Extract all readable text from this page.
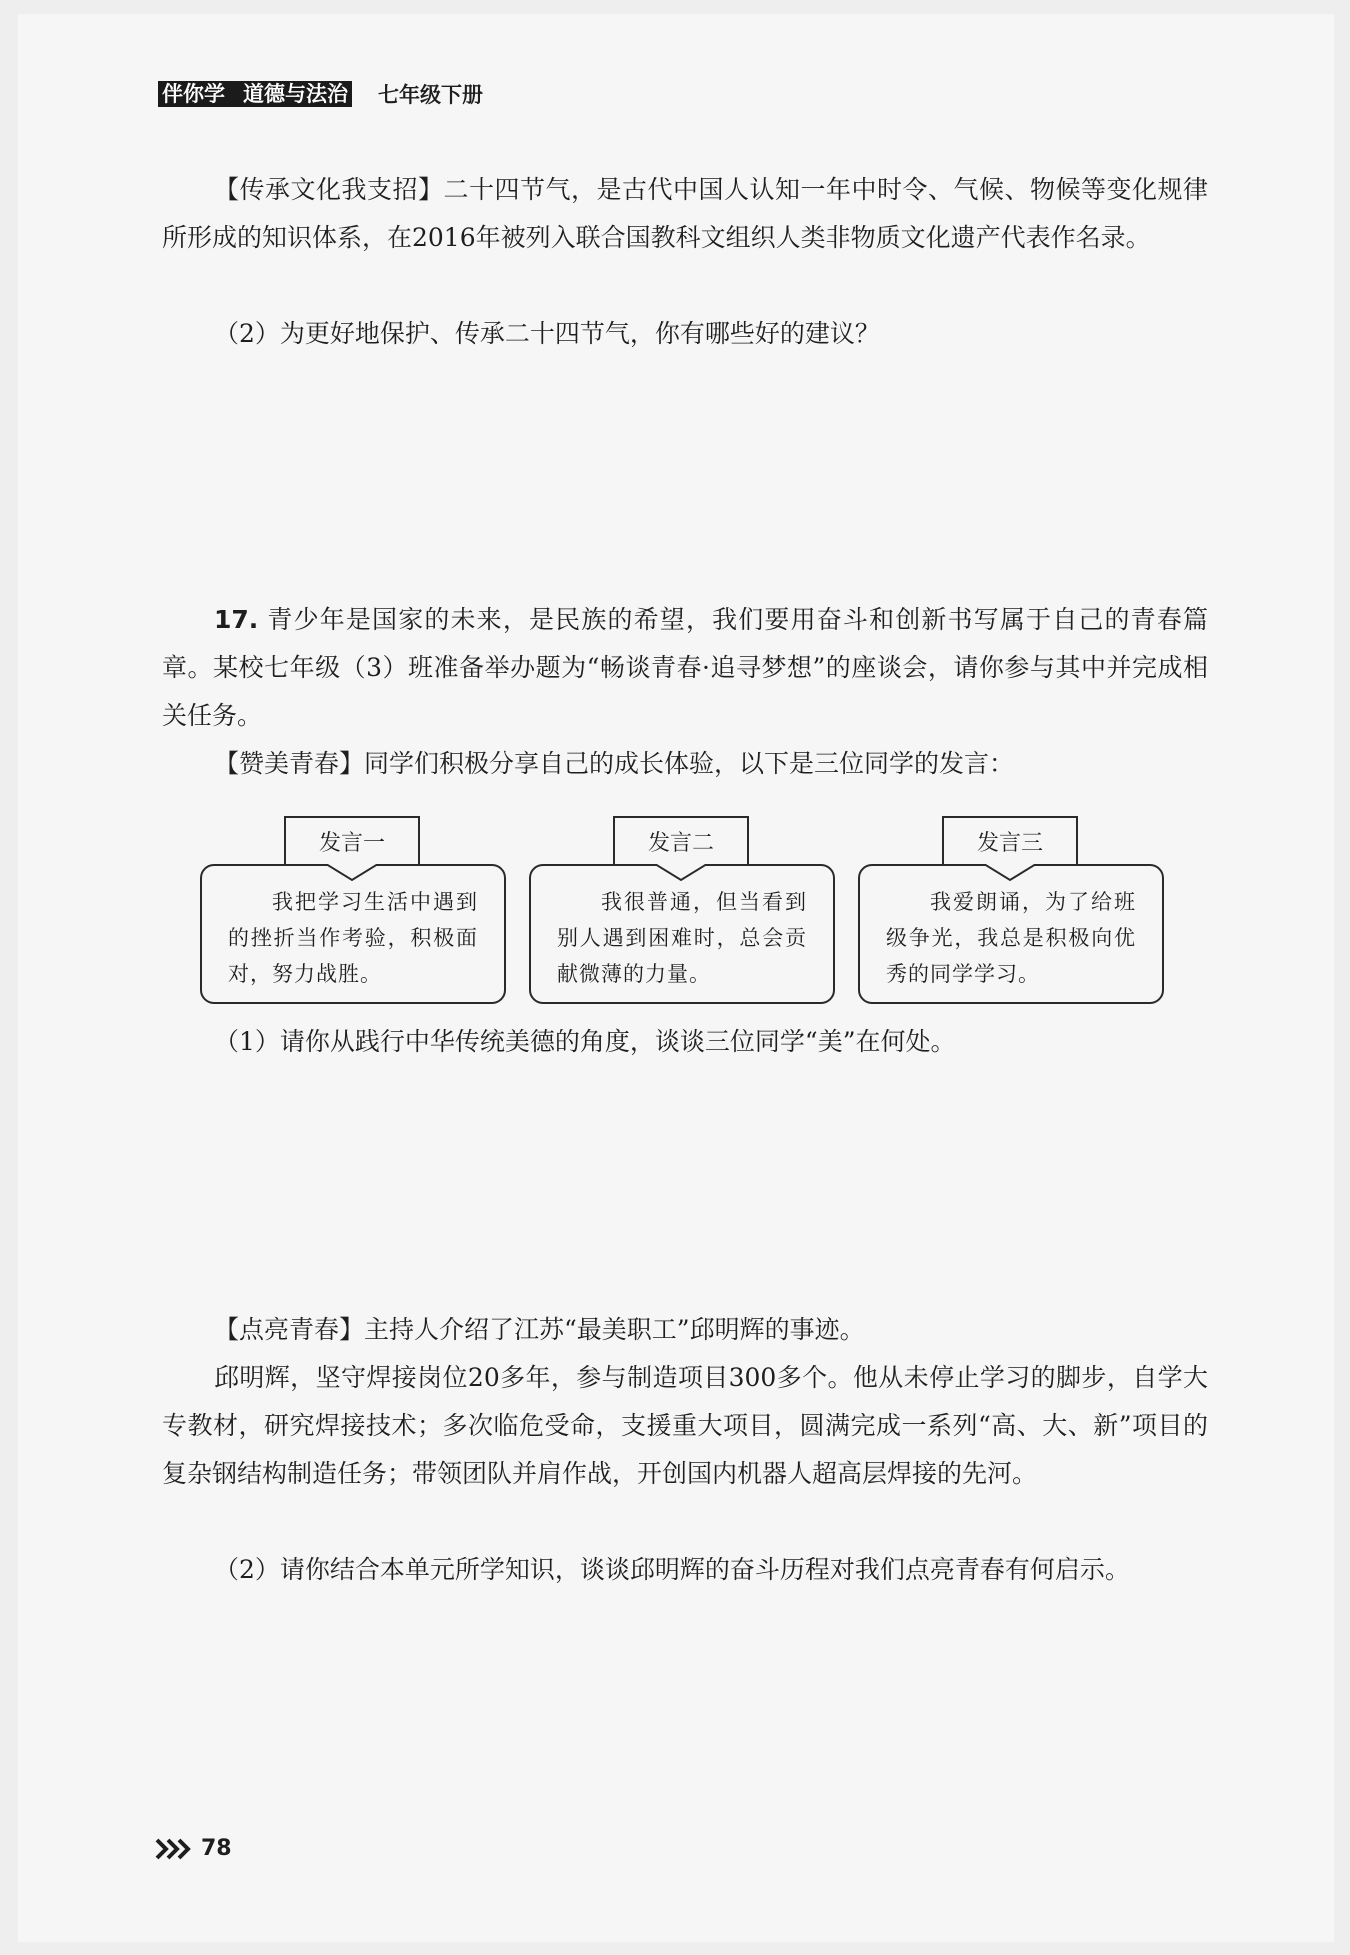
伴你学 道德与法治 七年级下册

【传承文化我支招】二十四节气，是古代中国人认知一年中时令、气候、物候等变化规律所形成的知识体系，在2016年被列入联合国教科文组织人类非物质文化遗产代表作名录。

（2）为更好地保护、传承二十四节气，你有哪些好的建议？

17. 青少年是国家的未来，是民族的希望，我们要用奋斗和创新书写属于自己的青春篇章。某校七年级（3）班准备举办题为“畅谈青春·追寻梦想”的座谈会，请你参与其中并完成相关任务。

【赞美青春】同学们积极分享自己的成长体验，以下是三位同学的发言：

发言一
我把学习生活中遇到的挫折当作考验，积极面对，努力战胜。
发言二
我很普通，但当看到别人遇到困难时，总会贡献微薄的力量。
发言三
我爱朗诵，为了给班级争光，我总是积极向优秀的同学学习。

（1）请你从践行中华传统美德的角度，谈谈三位同学“美”在何处。

【点亮青春】主持人介绍了江苏“最美职工”邱明辉的事迹。

邱明辉，坚守焊接岗位20多年，参与制造项目300多个。他从未停止学习的脚步，自学大专教材，研究焊接技术；多次临危受命，支援重大项目，圆满完成一系列“高、大、新”项目的复杂钢结构制造任务；带领团队并肩作战，开创国内机器人超高层焊接的先河。

（2）请你结合本单元所学知识，谈谈邱明辉的奋斗历程对我们点亮青春有何启示。

78
